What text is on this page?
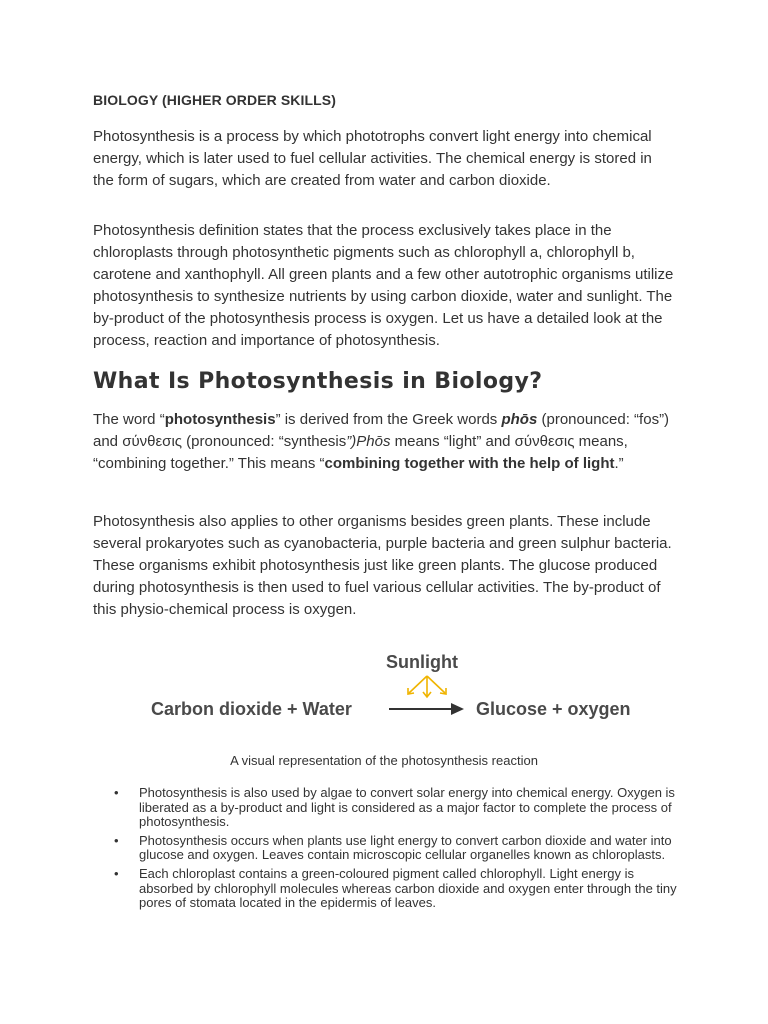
BIOLOGY (HIGHER ORDER SKILLS)

Photosynthesis is a process by which phototrophs convert light energy into chemical energy, which is later used to fuel cellular activities. The chemical energy is stored in the form of sugars, which are created from water and carbon dioxide.

Photosynthesis definition states that the process exclusively takes place in the chloroplasts through photosynthetic pigments such as chlorophyll a, chlorophyll b, carotene and xanthophyll. All green plants and a few other autotrophic organisms utilize photosynthesis to synthesize nutrients by using carbon dioxide, water and sunlight. The by-product of the photosynthesis process is oxygen. Let us have a detailed look at the process, reaction and importance of photosynthesis.

What Is Photosynthesis in Biology?

The word “photosynthesis” is derived from the Greek words phōs (pronounced: “fos”) and σύνθεσις (pronounced: “synthesis”)Phōs means “light” and σύνθεσις means, “combining together.” This means “combining together with the help of light.”

Photosynthesis also applies to other organisms besides green plants. These include several prokaryotes such as cyanobacteria, purple bacteria and green sulphur bacteria. These organisms exhibit photosynthesis just like green plants. The glucose produced during photosynthesis is then used to fuel various cellular activities. The by-product of this physio-chemical process is oxygen.

Sunlight
Carbon dioxide + Water	Glucose + oxygen

A visual representation of the photosynthesis reaction

• Photosynthesis is also used by algae to convert solar energy into chemical energy. Oxygen is liberated as a by-product and light is considered as a major factor to complete the process of photosynthesis.
• Photosynthesis occurs when plants use light energy to convert carbon dioxide and water into glucose and oxygen. Leaves contain microscopic cellular organelles known as chloroplasts.
• Each chloroplast contains a green-coloured pigment called chlorophyll. Light energy is absorbed by chlorophyll molecules whereas carbon dioxide and oxygen enter through the tiny pores of stomata located in the epidermis of leaves.
